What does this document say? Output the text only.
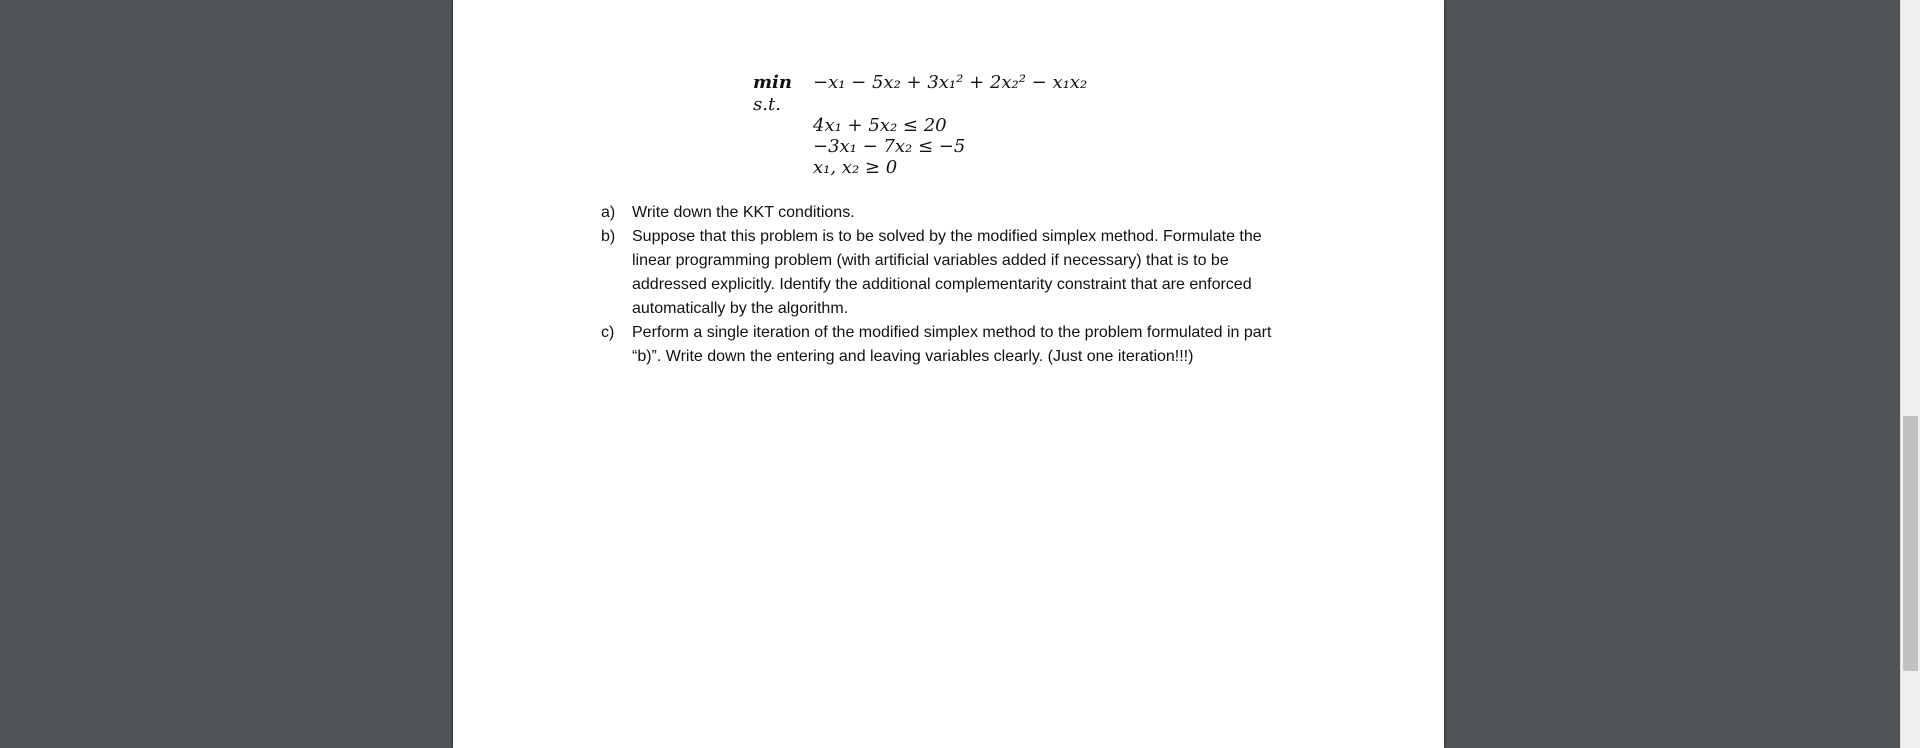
min
s.t.
−x₁ − 5x₂ + 3x₁² + 2x₂² − x₁x₂
4x₁ + 5x₂ ≤ 20
−3x₁ − 7x₂ ≤ −5
x₁, x₂ ≥ 0
a)	Write down the KKT conditions.
b)	Suppose that this problem is to be solved by the modified simplex method. Formulate the linear programming problem (with artificial variables added if necessary) that is to be addressed explicitly. Identify the additional complementarity constraint that are enforced automatically by the algorithm.
c)	Perform a single iteration of the modified simplex method to the problem formulated in part “b)”. Write down the entering and leaving variables clearly. (Just one iteration!!!)
